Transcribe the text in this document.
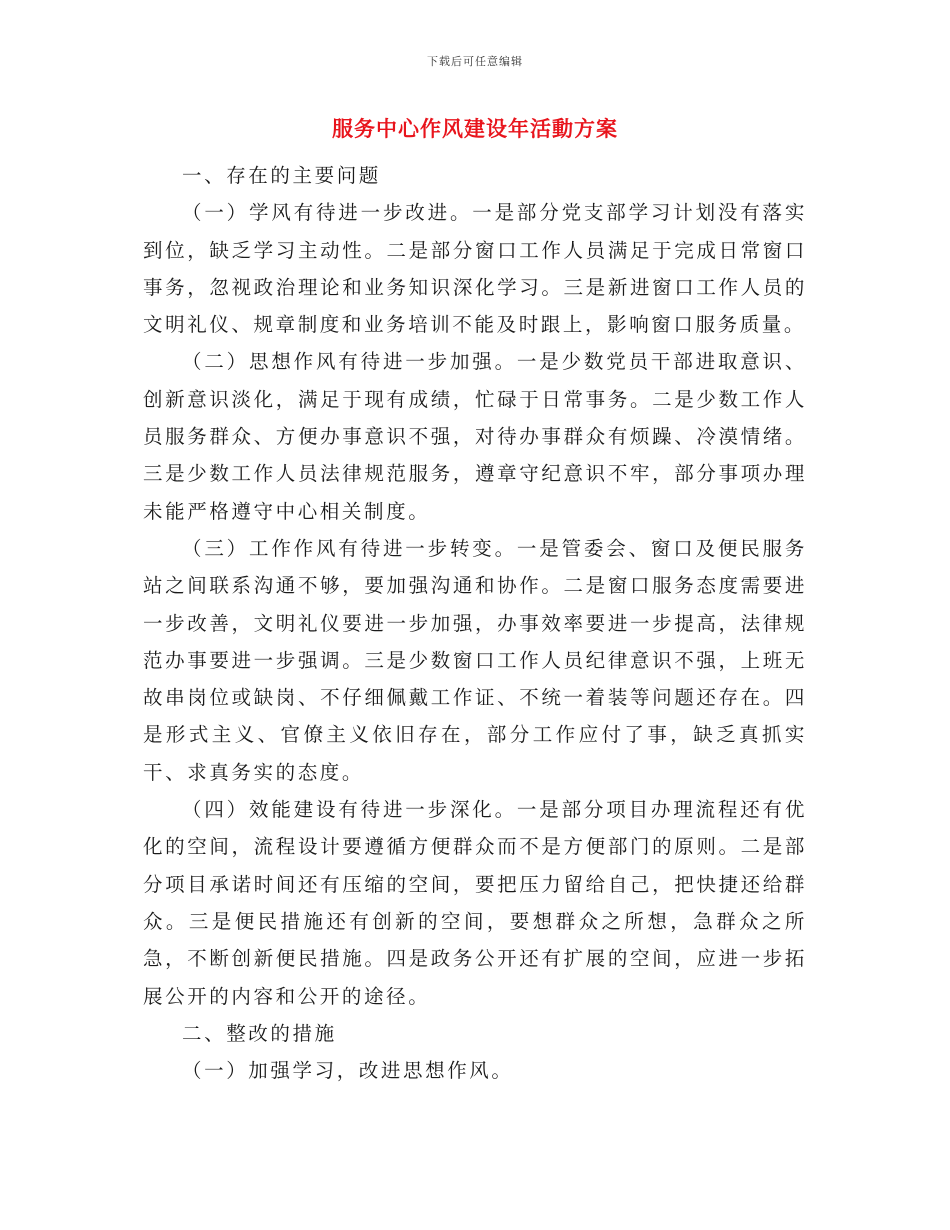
下载后可任意编辑
服务中心作风建设年活動方案

一、存在的主要问题

（一）学风有待进一步改进。一是部分党支部学习计划没有落实到位，缺乏学习主动性。二是部分窗口工作人员满足于完成日常窗口事务，忽视政治理论和业务知识深化学习。三是新进窗口工作人员的文明礼仪、规章制度和业务培训不能及时跟上，影响窗口服务质量。

（二）思想作风有待进一步加强。一是少数党员干部进取意识、创新意识淡化，满足于现有成绩，忙碌于日常事务。二是少数工作人员服务群众、方便办事意识不强，对待办事群众有烦躁、冷漠情绪。三是少数工作人员法律规范服务，遵章守纪意识不牢，部分事项办理未能严格遵守中心相关制度。

（三）工作作风有待进一步转变。一是管委会、窗口及便民服务站之间联系沟通不够，要加强沟通和协作。二是窗口服务态度需要进一步改善，文明礼仪要进一步加强，办事效率要进一步提高，法律规范办事要进一步强调。三是少数窗口工作人员纪律意识不强，上班无故串岗位或缺岗、不仔细佩戴工作证、不统一着装等问题还存在。四是形式主义、官僚主义依旧存在，部分工作应付了事，缺乏真抓实干、求真务实的态度。

（四）效能建设有待进一步深化。一是部分项目办理流程还有优化的空间，流程设计要遵循方便群众而不是方便部门的原则。二是部分项目承诺时间还有压缩的空间，要把压力留给自己，把快捷还给群众。三是便民措施还有创新的空间，要想群众之所想，急群众之所急，不断创新便民措施。四是政务公开还有扩展的空间，应进一步拓展公开的内容和公开的途径。

二、整改的措施

（一）加强学习，改进思想作风。
